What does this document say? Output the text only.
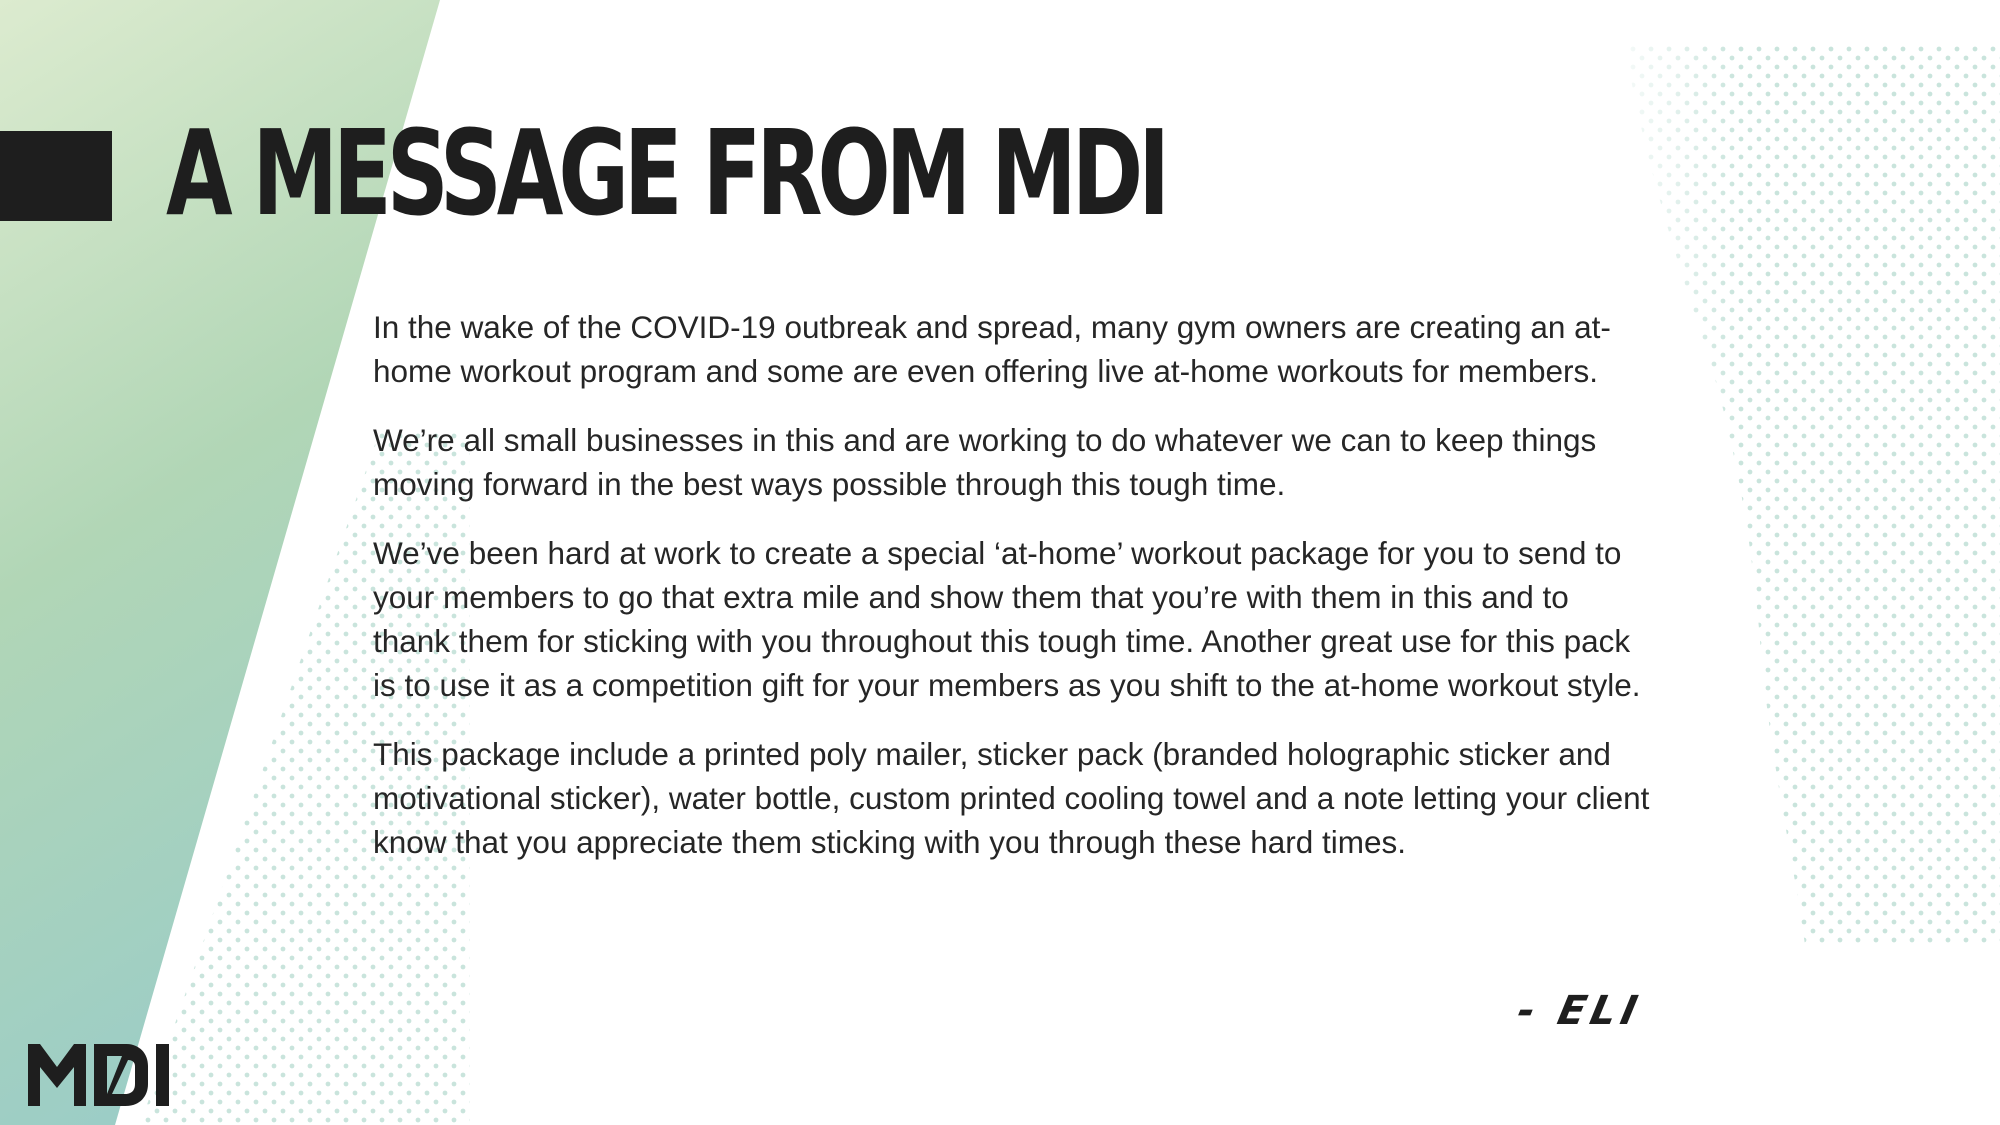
A MESSAGE FROM MDI

In the wake of the COVID-19 outbreak and spread, many gym owners are creating an at-home workout program and some are even offering live at-home workouts for members.

We’re all small businesses in this and are working to do whatever we can to keep things moving forward in the best ways possible through this tough time.

We’ve been hard at work to create a special ‘at-home’ workout package for you to send to your members to go that extra mile and show them that you’re with them in this and to thank them for sticking with you throughout this tough time. Another great use for this pack is to use it as a competition gift for your members as you shift to the at-home workout style.

This package include a printed poly mailer, sticker pack (branded holographic sticker and motivational sticker), water bottle, custom printed cooling towel and a note letting your client know that you appreciate them sticking with you through these hard times.

- ELI
